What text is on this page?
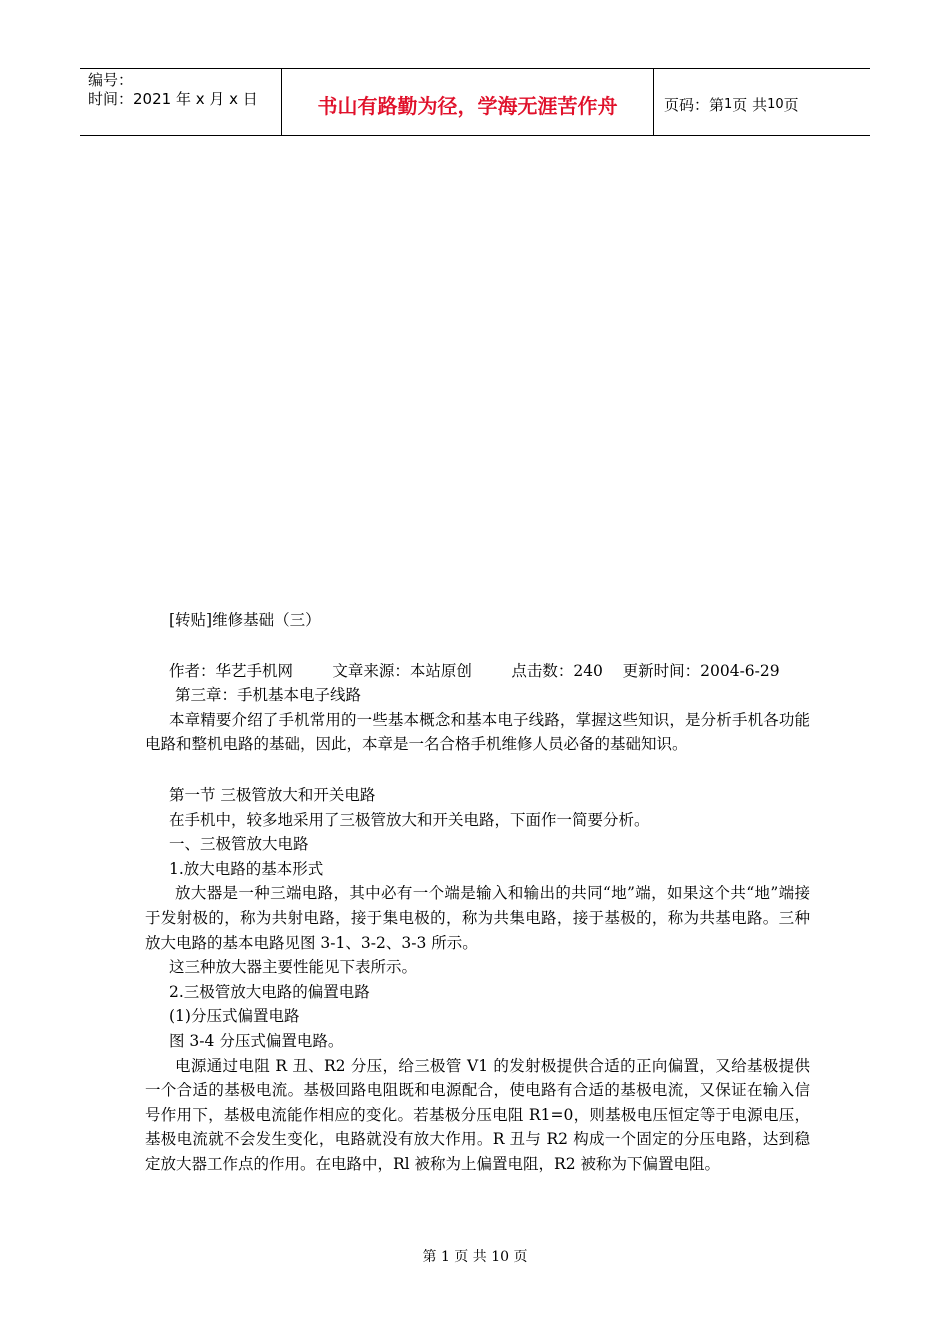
编号：
时间：2021 年 x 月 x 日	书山有路勤为径，学海无涯苦作舟	页码：第 1 页 共 10 页

[转贴]维修基础（三）

作者：华艺手机网        文章来源：本站原创        点击数：240    更新时间：2004-6-29

第三章：手机基本电子线路

本章精要介绍了手机常用的一些基本概念和基本电子线路，掌握这些知识，是分析手机各功能电路和整机电路的基础，因此，本章是一名合格手机维修人员必备的基础知识。

第一节 三极管放大和开关电路

在手机中，较多地采用了三极管放大和开关电路，下面作一简要分析。

一、三极管放大电路

1.放大电路的基本形式

放大器是一种三端电路，其中必有一个端是输入和输出的共同“地”端，如果这个共“地”端接于发射极的，称为共射电路，接于集电极的，称为共集电路，接于基极的，称为共基电路。三种放大电路的基本电路见图 3-1、3-2、3-3 所示。

这三种放大器主要性能见下表所示。

2.三极管放大电路的偏置电路

(1)分压式偏置电路

图 3-4 分压式偏置电路。

电源通过电阻 R 丑、R2 分压，给三极管 V1 的发射极提供合适的正向偏置，又给基极提供一个合适的基极电流。基极回路电阻既和电源配合，使电路有合适的基极电流，又保证在输入信号作用下，基极电流能作相应的变化。若基极分压电阻 R1=0，则基极电压恒定等于电源电压，基极电流就不会发生变化，电路就没有放大作用。R 丑与 R2 构成一个固定的分压电路，达到稳定放大器工作点的作用。在电路中，Rl 被称为上偏置电阻，R2 被称为下偏置电阻。

第 1 页 共 10 页
